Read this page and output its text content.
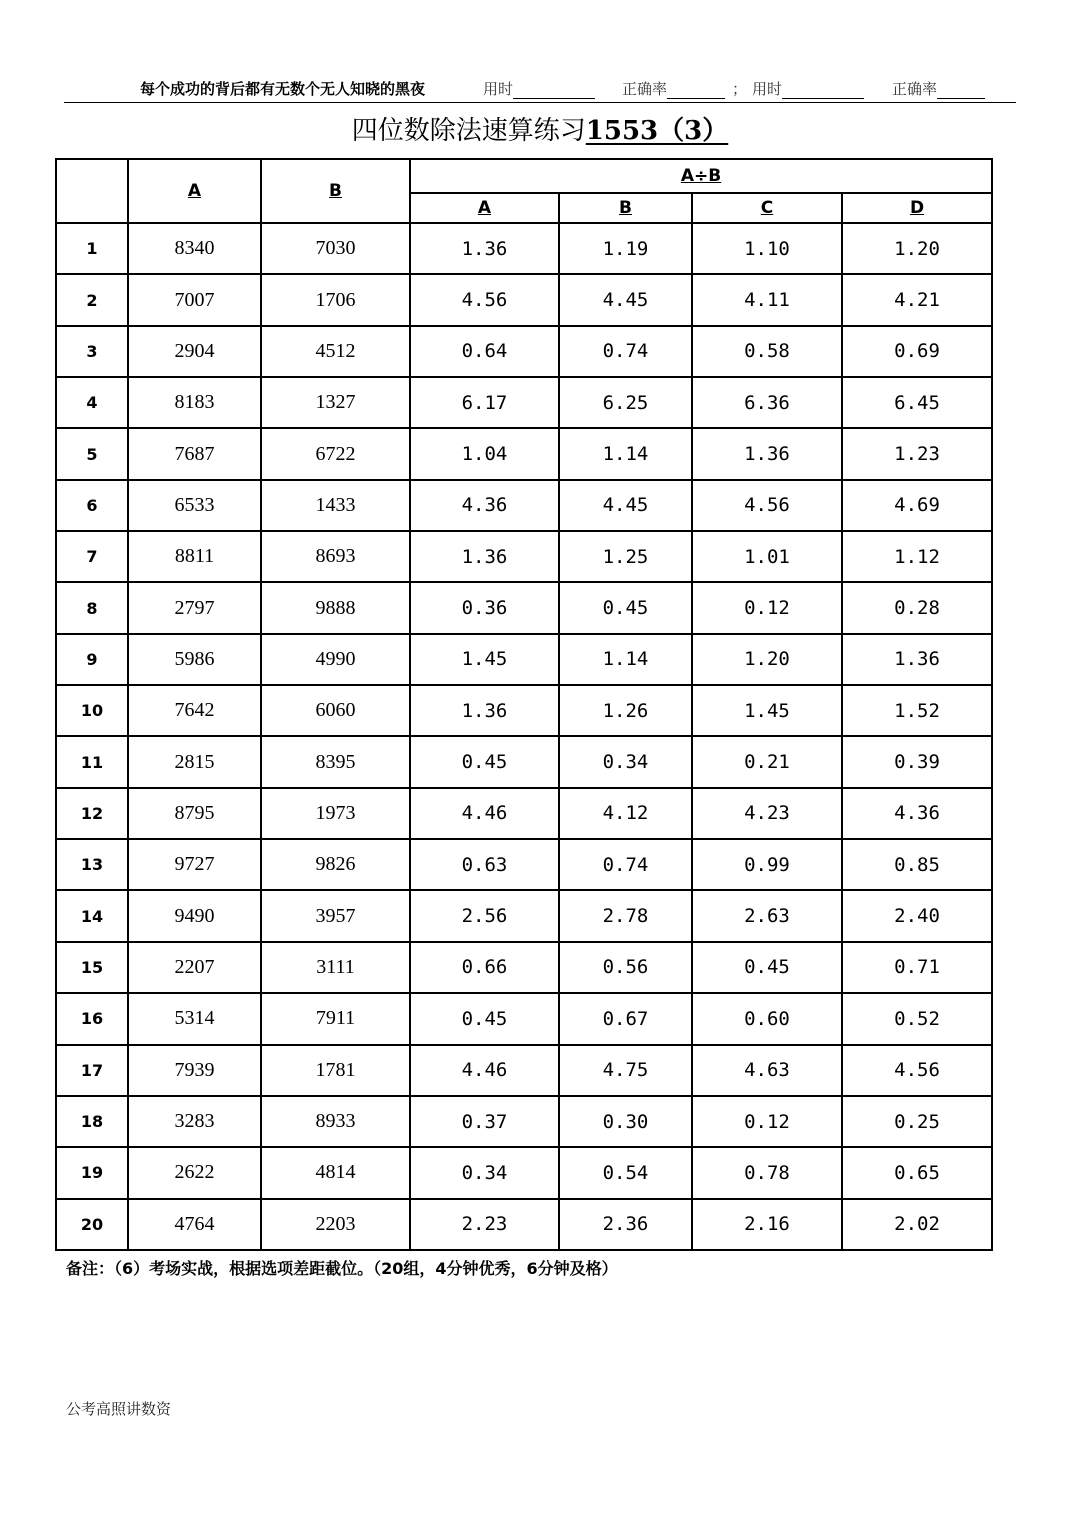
每个成功的背后都有无数个无人知晓的黑夜	用时	正确率	； 用时	正确率
四位数除法速算练习1553（3）
	A	B	A÷B			
			A	B	C	D
1	8340	7030	1.36	1.19	1.10	1.20
2	7007	1706	4.56	4.45	4.11	4.21
3	2904	4512	0.64	0.74	0.58	0.69
4	8183	1327	6.17	6.25	6.36	6.45
5	7687	6722	1.04	1.14	1.36	1.23
6	6533	1433	4.36	4.45	4.56	4.69
7	8811	8693	1.36	1.25	1.01	1.12
8	2797	9888	0.36	0.45	0.12	0.28
9	5986	4990	1.45	1.14	1.20	1.36
10	7642	6060	1.36	1.26	1.45	1.52
11	2815	8395	0.45	0.34	0.21	0.39
12	8795	1973	4.46	4.12	4.23	4.36
13	9727	9826	0.63	0.74	0.99	0.85
14	9490	3957	2.56	2.78	2.63	2.40
15	2207	3111	0.66	0.56	0.45	0.71
16	5314	7911	0.45	0.67	0.60	0.52
17	7939	1781	4.46	4.75	4.63	4.56
18	3283	8933	0.37	0.30	0.12	0.25
19	2622	4814	0.34	0.54	0.78	0.65
20	4764	2203	2.23	2.36	2.16	2.02
备注：（6）考场实战，根据选项差距截位。（20组，4分钟优秀，6分钟及格）
公考高照讲数资
